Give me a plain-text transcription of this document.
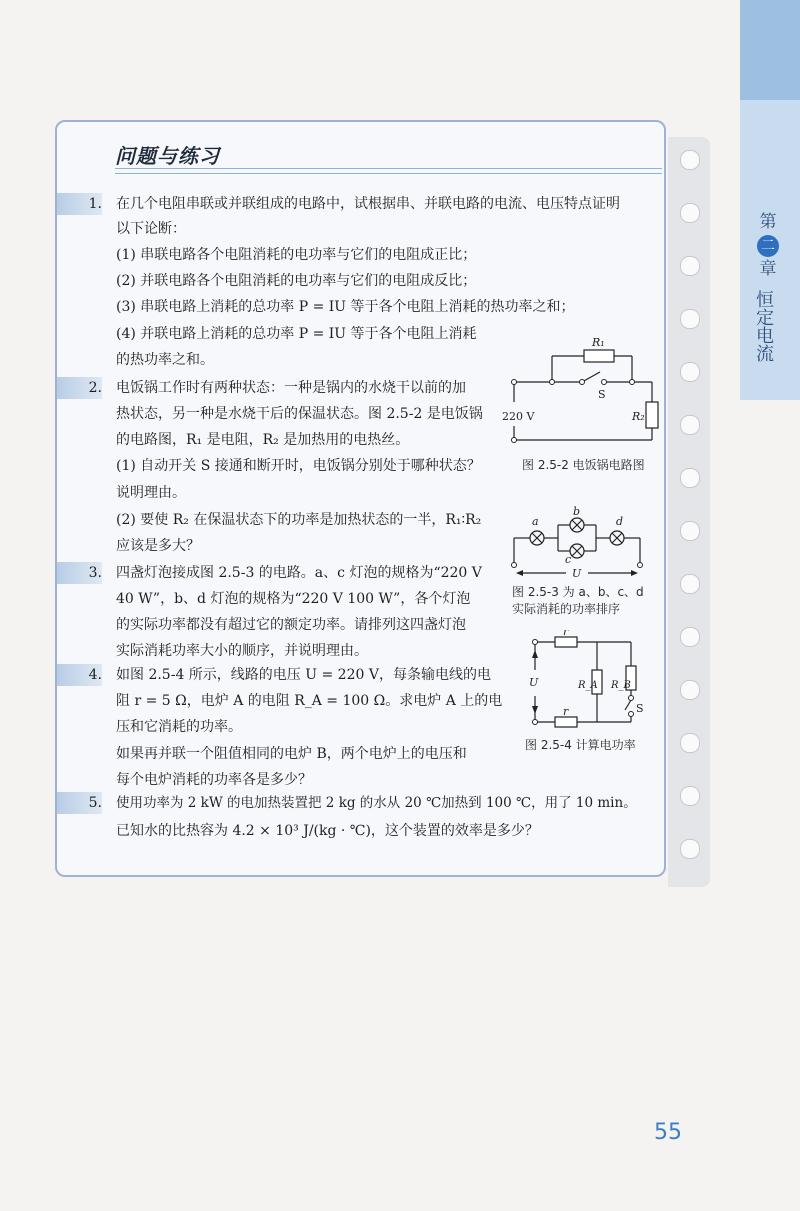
第
二
章
恒定电流
问题与练习
1. 在几个电阻串联或并联组成的电路中，试根据串、并联电路的电流、电压特点证明
以下论断：
(1) 串联电路各个电阻消耗的电功率与它们的电阻成正比；
(2) 并联电路各个电阻消耗的电功率与它们的电阻成反比；
(3) 串联电路上消耗的总功率 P = IU 等于各个电阻上消耗的热功率之和；
(4) 并联电路上消耗的总功率 P = IU 等于各个电阻上消耗
的热功率之和。
2. 电饭锅工作时有两种状态：一种是锅内的水烧干以前的加
热状态，另一种是水烧干后的保温状态。图 2.5-2 是电饭锅
的电路图，R₁ 是电阻，R₂ 是加热用的电热丝。
(1) 自动开关 S 接通和断开时，电饭锅分别处于哪种状态？
说明理由。
(2) 要使 R₂ 在保温状态下的功率是加热状态的一半，R₁∶R₂
应该是多大？
3. 四盏灯泡接成图 2.5-3 的电路。a、c 灯泡的规格为“220 V
40 W”，b、d 灯泡的规格为“220 V 100 W”，各个灯泡
的实际功率都没有超过它的额定功率。请排列这四盏灯泡
实际消耗功率大小的顺序，并说明理由。
4. 如图 2.5-4 所示，线路的电压 U = 220 V，每条输电线的电
阻 r = 5 Ω，电炉 A 的电阻 R_A = 100 Ω。求电炉 A 上的电
压和它消耗的功率。
如果再并联一个阻值相同的电炉 B，两个电炉上的电压和
每个电炉消耗的功率各是多少？
5. 使用功率为 2 kW 的电加热装置把 2 kg 的水从 20 ℃加热到 100 ℃，用了 10 min。
已知水的比热容为 4.2 × 10³ J/(kg · ℃)，这个装置的效率是多少？
R₁
S
220 V	R₂
图 2.5-2 电饭锅电路图
a
b
c
d
U
图 2.5-3 为 a、b、c、d
实际消耗的功率排序
r
r
U	R_A R_B
S
图 2.5-4 计算电功率
55
